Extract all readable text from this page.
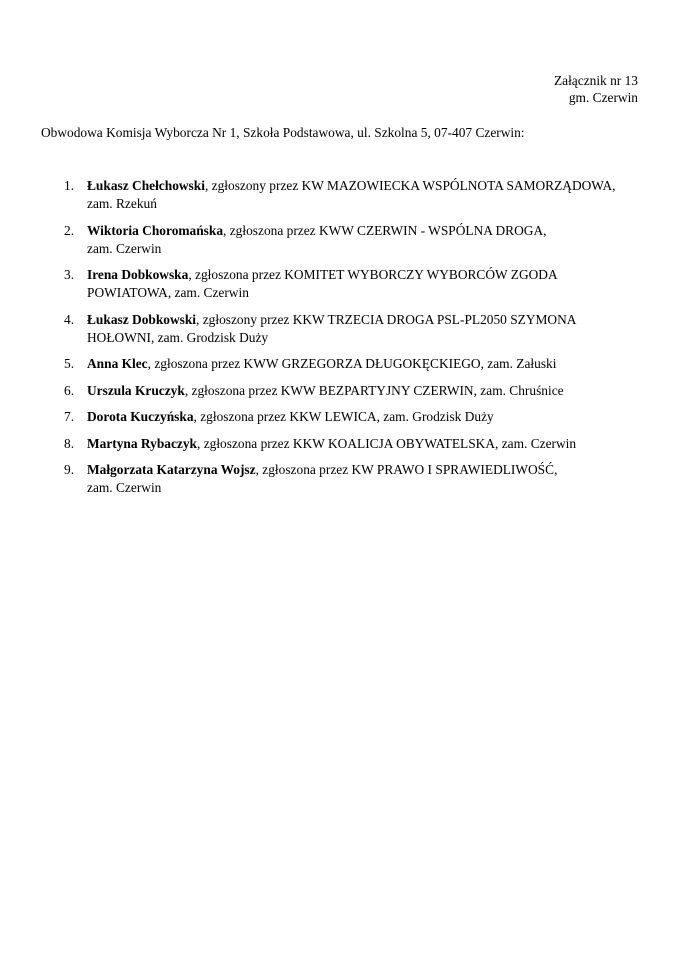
Załącznik nr 13
gm. Czerwin
Obwodowa Komisja Wyborcza Nr 1, Szkoła Podstawowa, ul. Szkolna 5, 07-407 Czerwin:
1. Łukasz Chełchowski, zgłoszony przez KW MAZOWIECKA WSPÓLNOTA SAMORZĄDOWA,
zam. Rzekuń
2. Wiktoria Choromańska, zgłoszona przez KWW CZERWIN - WSPÓLNA DROGA,
zam. Czerwin
3. Irena Dobkowska, zgłoszona przez KOMITET WYBORCZY WYBORCÓW ZGODA
POWIATOWA, zam. Czerwin
4. Łukasz Dobkowski, zgłoszony przez KKW TRZECIA DROGA PSL-PL2050 SZYMONA
HOŁOWNI, zam. Grodzisk Duży
5. Anna Klec, zgłoszona przez KWW GRZEGORZA DŁUGOKĘCKIEGO, zam. Załuski
6. Urszula Kruczyk, zgłoszona przez KWW BEZPARTYJNY CZERWIN, zam. Chruśnice
7. Dorota Kuczyńska, zgłoszona przez KKW LEWICA, zam. Grodzisk Duży
8. Martyna Rybaczyk, zgłoszona przez KKW KOALICJA OBYWATELSKA, zam. Czerwin
9. Małgorzata Katarzyna Wojsz, zgłoszona przez KW PRAWO I SPRAWIEDLIWOŚĆ,
zam. Czerwin
